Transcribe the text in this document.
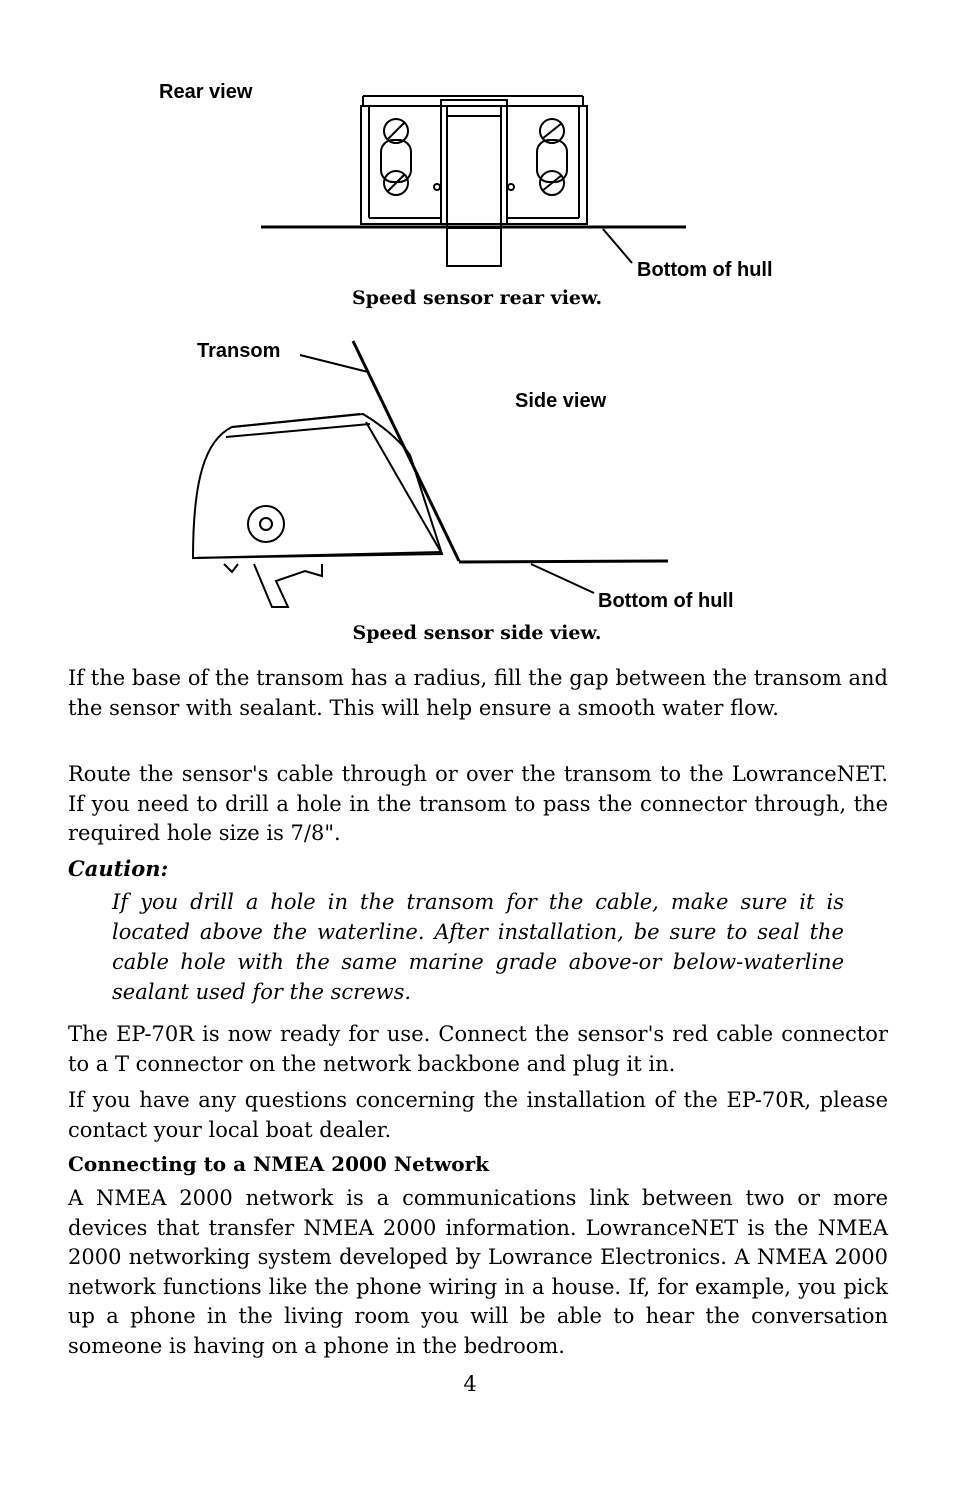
Rear view
Bottom of hull
Speed sensor rear view.
Transom
Side view
Bottom of hull
Speed sensor side view.

If the base of the transom has a radius, fill the gap between the transom and the sensor with sealant. This will help ensure a smooth water flow.

Route the sensor's cable through or over the transom to the LowranceNET. If you need to drill a hole in the transom to pass the connector through, the required hole size is 7/8".

Caution:
If you drill a hole in the transom for the cable, make sure it is located above the waterline. After installation, be sure to seal the cable hole with the same marine grade above-or below-waterline sealant used for the screws.

The EP-70R is now ready for use. Connect the sensor's red cable connector to a T connector on the network backbone and plug it in.

If you have any questions concerning the installation of the EP-70R, please contact your local boat dealer.

Connecting to a NMEA 2000 Network

A NMEA 2000 network is a communications link between two or more devices that transfer NMEA 2000 information. LowranceNET is the NMEA 2000 networking system developed by Lowrance Electronics. A NMEA 2000 network functions like the phone wiring in a house. If, for example, you pick up a phone in the living room you will be able to hear the conversation someone is having on a phone in the bedroom.

4
